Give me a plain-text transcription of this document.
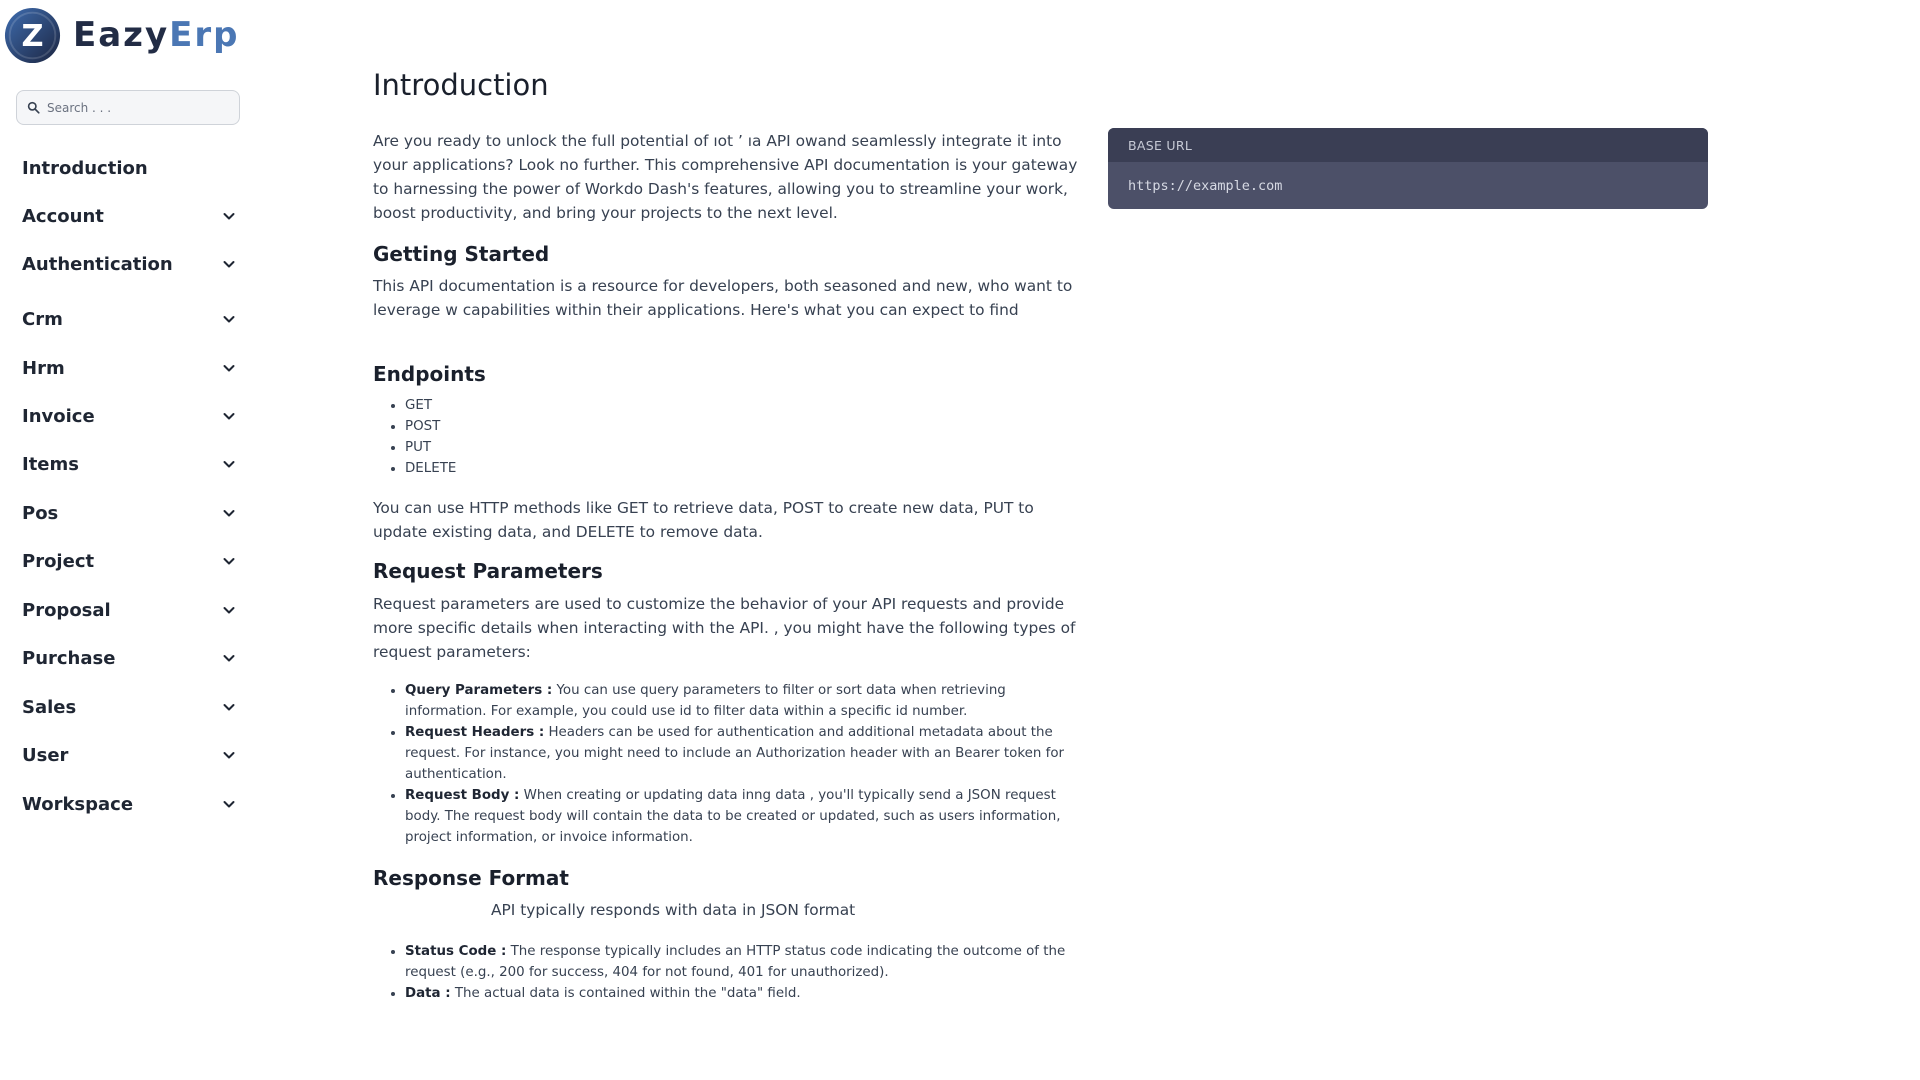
Z EazyErp
Search . . .
Introduction
Account
Authentication
Crm
Hrm
Invoice
Items
Pos
Project
Proposal
Purchase
Sales
User
Workspace
Introduction

Are you ready to unlock the full potential of ıot ’ ıa API owand seamlessly integrate it into your applications? Look no further. This comprehensive API documentation is your gateway to harnessing the power of Workdo Dash's features, allowing you to streamline your work, boost productivity, and bring your projects to the next level.

Getting Started

This API documentation is a resource for developers, both seasoned and new, who want to leverage w capabilities within their applications. Here's what you can expect to find

Endpoints
• GET
• POST
• PUT
• DELETE

You can use HTTP methods like GET to retrieve data, POST to create new data, PUT to update existing data, and DELETE to remove data.

Request Parameters

Request parameters are used to customize the behavior of your API requests and provide more specific details when interacting with the API. , you might have the following types of request parameters:

• Query Parameters : You can use query parameters to filter or sort data when retrieving information. For example, you could use id to filter data within a specific id number.
• Request Headers : Headers can be used for authentication and additional metadata about the request. For instance, you might need to include an Authorization header with an Bearer token for authentication.
• Request Body : When creating or updating data inng data , you'll typically send a JSON request body. The request body will contain the data to be created or updated, such as users information, project information, or invoice information.
Response Format

API typically responds with data in JSON format

• Status Code : The response typically includes an HTTP status code indicating the outcome of the request (e.g., 200 for success, 404 for not found, 401 for unauthorized).
• Data : The actual data is contained within the "data" field.
BASE URL
https://example.com
